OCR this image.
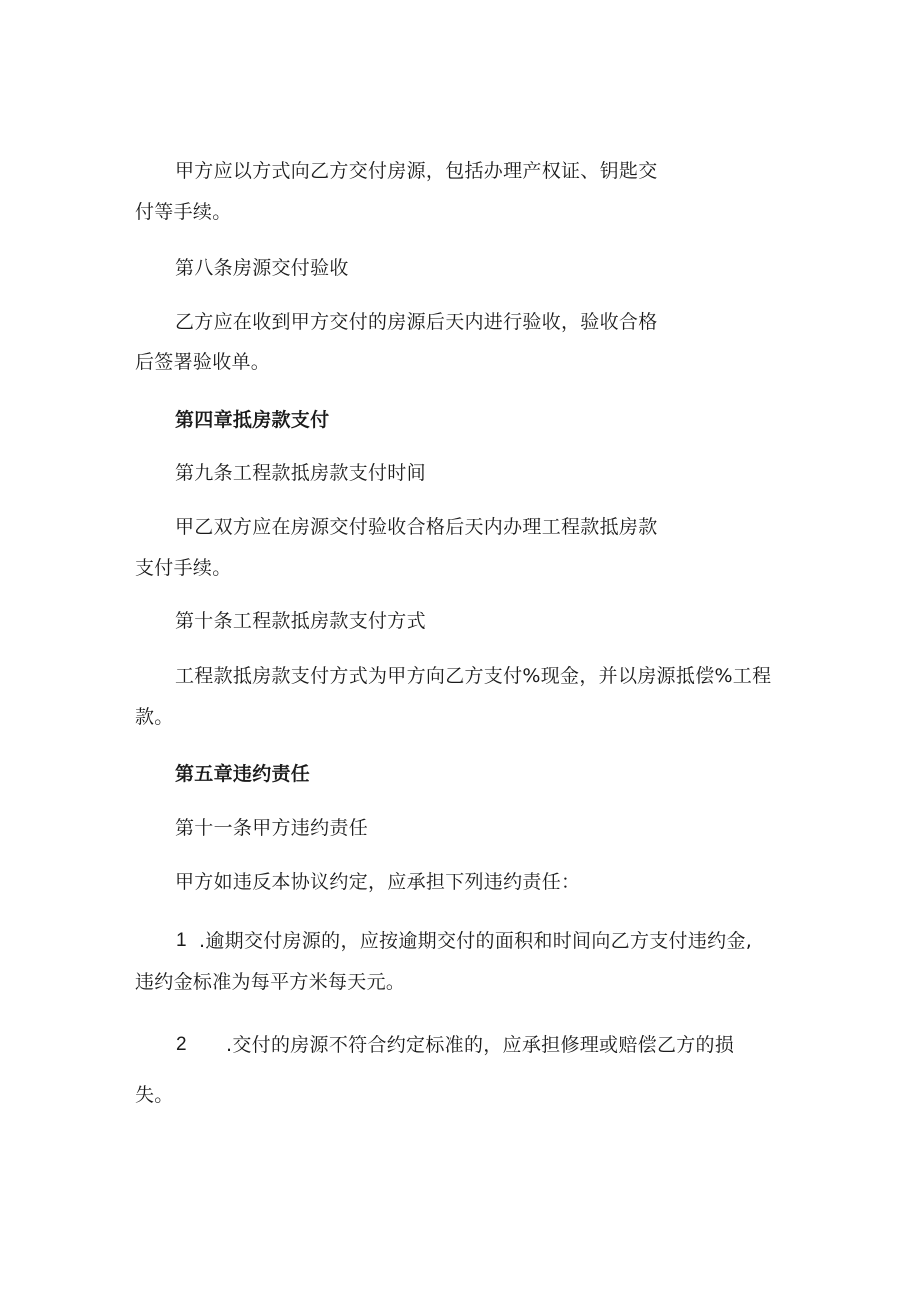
甲方应以方式向乙方交付房源，包括办理产权证、钥匙交
付等手续。
第八条房源交付验收
乙方应在收到甲方交付的房源后天内进行验收，验收合格
后签署验收单。
第四章抵房款支付
第九条工程款抵房款支付时间
甲乙双方应在房源交付验收合格后天内办理工程款抵房款
支付手续。
第十条工程款抵房款支付方式
工程款抵房款支付方式为甲方向乙方支付%现金，并以房源抵偿%工程
款。
第五章违约责任
第十一条甲方违约责任
甲方如违反本协议约定，应承担下列违约责任：
1 .逾期交付房源的，应按逾期交付的面积和时间向乙方支付违约金,
违约金标准为每平方米每天元。
2 .交付的房源不符合约定标准的，应承担修理或赔偿乙方的损
失。
